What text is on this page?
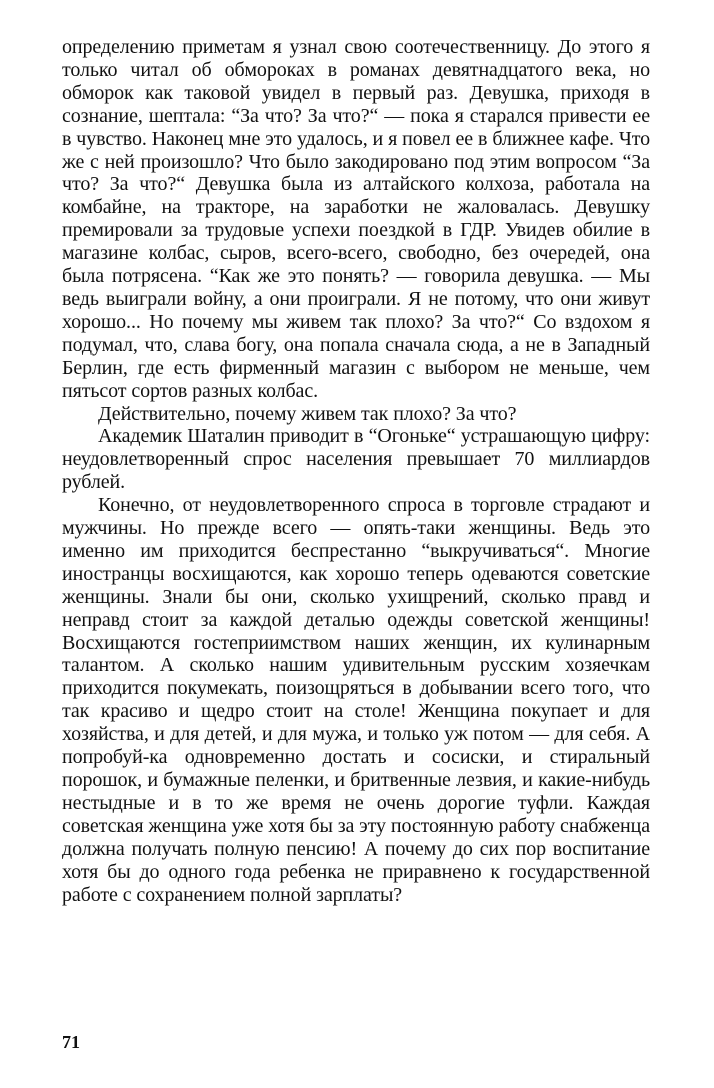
определению приметам я узнал свою соотечественницу. До этого я только читал об обмороках в романах девятнадцатого века, но обморок как таковой увидел в первый раз. Девушка, приходя в сознание, шептала: “За что? За что?“ — пока я старался привести ее в чувство. Наконец мне это удалось, и я повел ее в ближнее кафе. Что же с ней произошло? Что было закодировано под этим вопросом “За что? За что?“ Девушка была из алтайского колхоза, работала на комбайне, на тракторе, на заработки не жаловалась. Девушку премировали за трудовые успехи поездкой в ГДР. Увидев обилие в магазине колбас, сыров, всего-всего, свободно, без очередей, она была потрясена. “Как же это понять? — говорила девушка. — Мы ведь выиграли войну, а они проиграли. Я не потому, что они живут хорошо... Но почему мы живем так плохо? За что?“ Со вздохом я подумал, что, слава богу, она попала сначала сюда, а не в Западный Берлин, где есть фирменный магазин с выбором не меньше, чем пятьсот сортов разных колбас.

Действительно, почему живем так плохо? За что?

Академик Шаталин приводит в “Огоньке“ устрашающую цифру: неудовлетворенный спрос населения превышает 70 миллиардов рублей.

Конечно, от неудовлетворенного спроса в торговле страдают и мужчины. Но прежде всего — опять-таки женщины. Ведь это именно им приходится беспрестанно “выкручиваться“. Многие иностранцы восхищаются, как хорошо теперь одеваются советские женщины. Знали бы они, сколько ухищрений, сколько правд и неправд стоит за каждой деталью одежды советской женщины! Восхищаются гостеприимством наших женщин, их кулинарным талантом. А сколько нашим удивительным русским хозяечкам приходится покумекать, поизощряться в добывании всего того, что так красиво и щедро стоит на столе! Женщина покупает и для хозяйства, и для детей, и для мужа, и только уж потом — для себя. А попробуй-ка одновременно достать и сосиски, и стиральный порошок, и бумажные пеленки, и бритвенные лезвия, и какие-нибудь нестыдные и в то же время не очень дорогие туфли. Каждая советская женщина уже хотя бы за эту постоянную работу снабженца должна получать полную пенсию! А почему до сих пор воспитание хотя бы до одного года ребенка не приравнено к государственной работе с сохранением полной зарплаты?

71
